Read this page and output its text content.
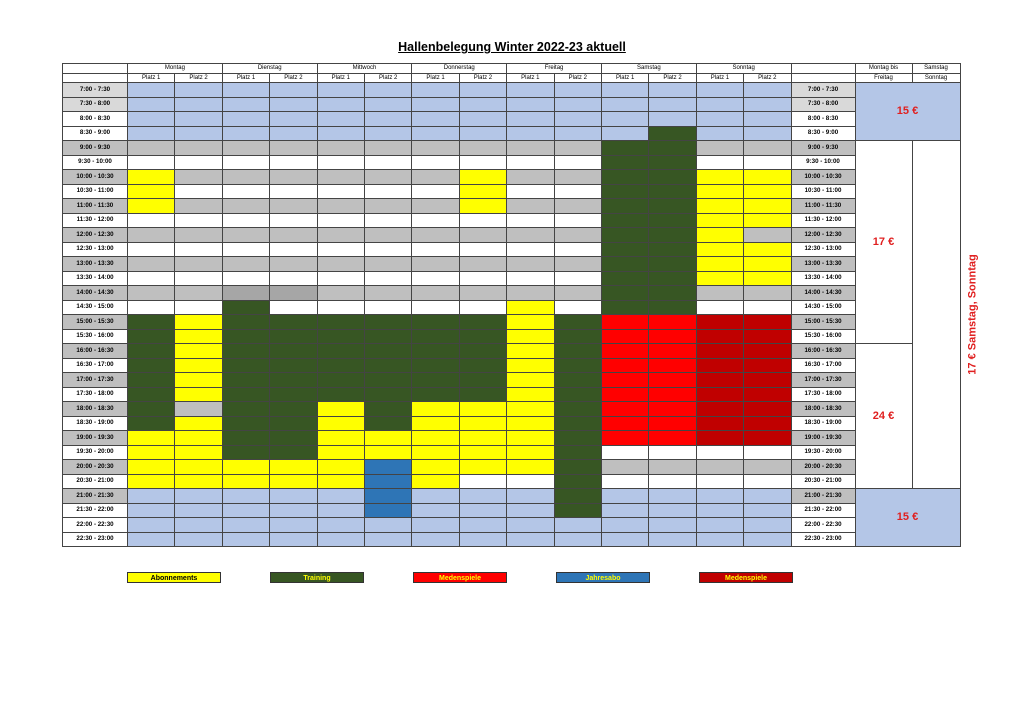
Hallenbelegung Winter 2022-23 aktuell
	Montag		Dienstag		Mittwoch		Donnerstag		Freitag		Samstag		Sonntag			Montag bis	Samstag
	Platz 1	Platz 2	Platz 1	Platz 2	Platz 1	Platz 2	Platz 1	Platz 2	Platz 1	Platz 2	Platz 1	Platz 2	Platz 1	Platz 2		Freitag	Sonntag
7:00 - 7:30															7:00 - 7:30	15 €	
7:30 - 8:00															7:30 - 8:00		
8:00 - 8:30															8:00 - 8:30		
8:30 - 9:00															8:30 - 9:00		
9:00 - 9:30															9:00 - 9:30	17 €	17 € Samstag, Sonntag
9:30 - 10:00															9:30 - 10:00		
10:00 - 10:30															10:00 - 10:30		
10:30 - 11:00															10:30 - 11:00		
11:00 - 11:30															11:00 - 11:30		
11:30 - 12:00															11:30 - 12:00		
12:00 - 12:30															12:00 - 12:30		
12:30 - 13:00															12:30 - 13:00		
13:00 - 13:30															13:00 - 13:30		
13:30 - 14:00															13:30 - 14:00		
14:00 - 14:30															14:00 - 14:30		
14:30 - 15:00															14:30 - 15:00		
15:00 - 15:30															15:00 - 15:30		
15:30 - 16:00															15:30 - 16:00		
16:00 - 16:30															16:00 - 16:30	24 €	
16:30 - 17:00															16:30 - 17:00		
17:00 - 17:30															17:00 - 17:30		
17:30 - 18:00															17:30 - 18:00		
18:00 - 18:30															18:00 - 18:30		
18:30 - 19:00															18:30 - 19:00		
19:00 - 19:30															19:00 - 19:30		
19:30 - 20:00															19:30 - 20:00		
20:00 - 20:30															20:00 - 20:30		
20:30 - 21:00															20:30 - 21:00		
21:00 - 21:30															21:00 - 21:30	15 €	
21:30 - 22:00															21:30 - 22:00		
22:00 - 22:30															22:00 - 22:30		
22:30 - 23:00															22:30 - 23:00		
Abonnements	Training	Medenspiele	Jahresabo	Medenspiele
